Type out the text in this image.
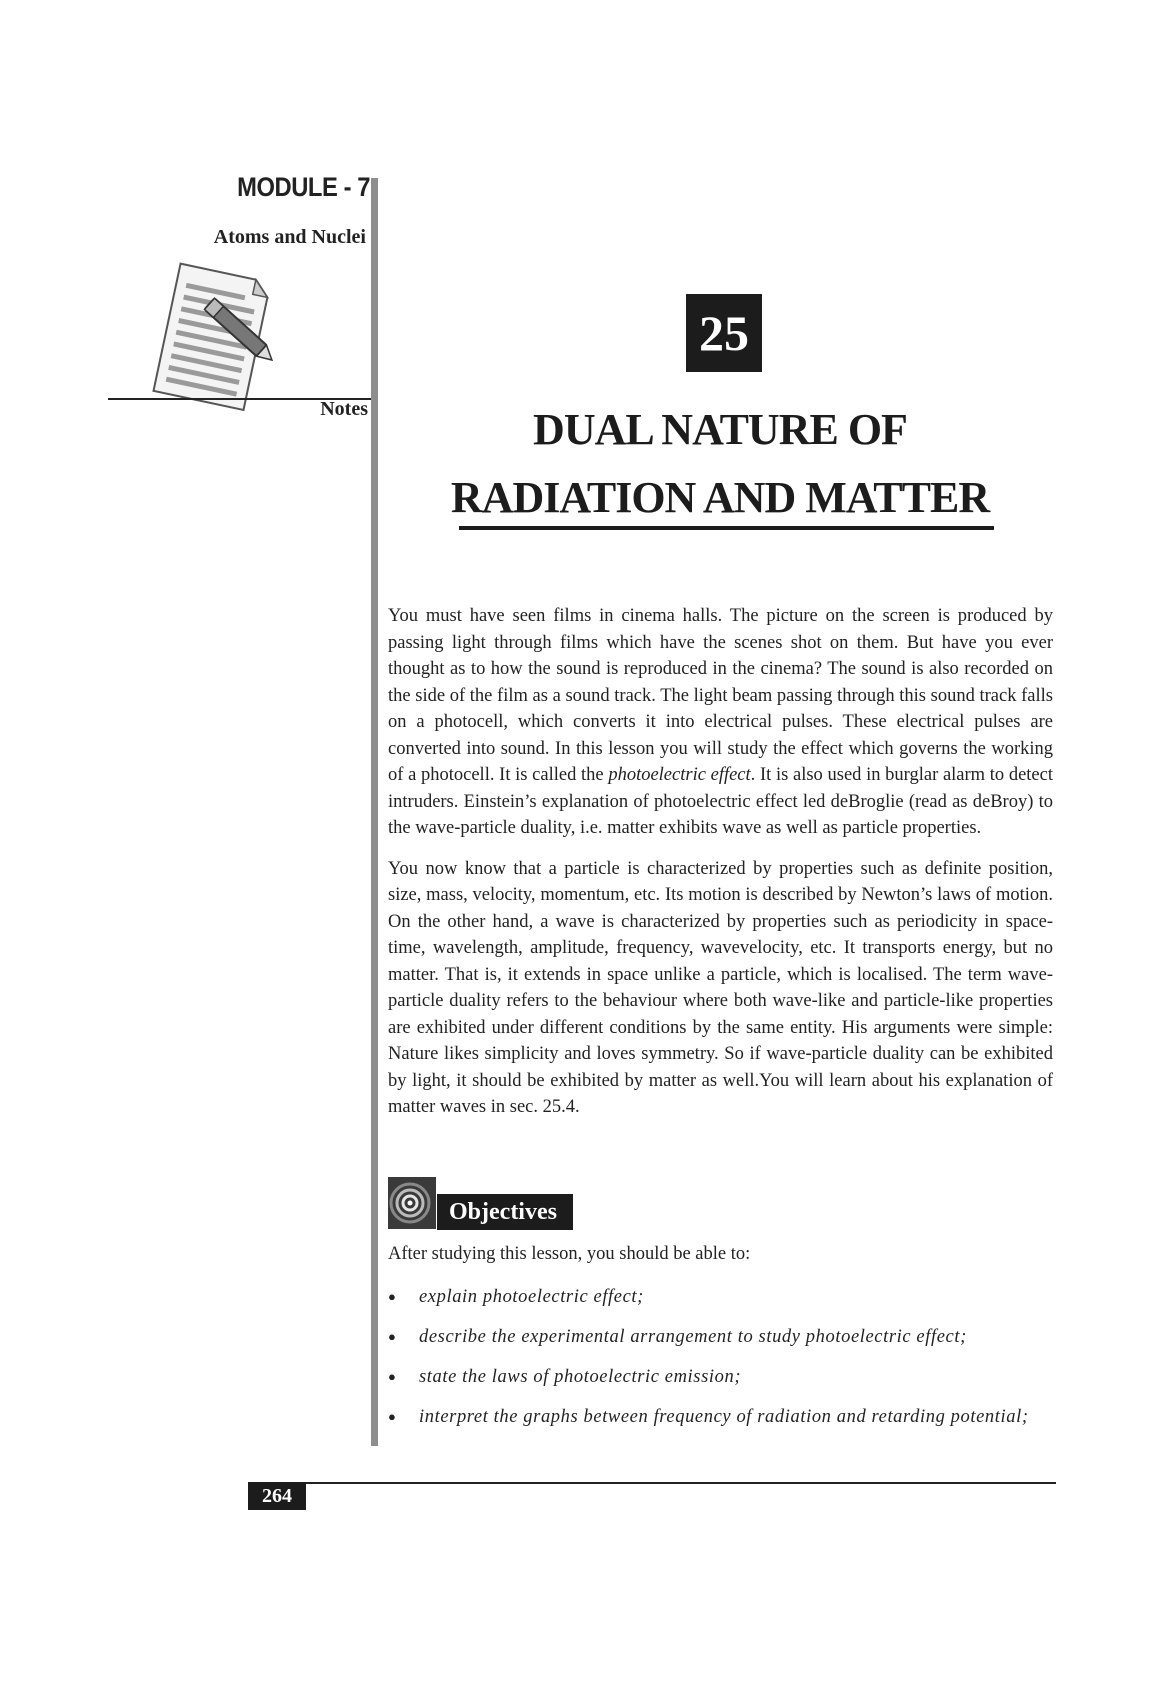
MODULE - 7
Atoms and Nuclei
Notes
25
DUAL NATURE OF
RADIATION AND MATTER

You must have seen films in cinema halls. The picture on the screen is produced by passing light through films which have the scenes shot on them. But have you ever thought as to how the sound is reproduced in the cinema? The sound is also recorded on the side of the film as a sound track. The light beam passing through this sound track falls on a photocell, which converts it into electrical pulses. These electrical pulses are converted into sound. In this lesson you will study the effect which governs the working of a photocell. It is called the photoelectric effect. It is also used in burglar alarm to detect intruders. Einstein’s explanation of photoelectric effect led deBroglie (read as deBroy) to the wave-particle duality, i.e. matter exhibits wave as well as particle properties.

You now know that a particle is characterized by properties such as definite position, size, mass, velocity, momentum, etc. Its motion is described by Newton’s laws of motion. On the other hand, a wave is characterized by properties such as periodicity in space-time, wavelength, amplitude, frequency, wavevelocity, etc. It transports energy, but no matter. That is, it extends in space unlike a particle, which is localised. The term wave-particle duality refers to the behaviour where both wave-like and particle-like properties are exhibited under different conditions by the same entity. His arguments were simple: Nature likes simplicity and loves symmetry. So if wave-particle duality can be exhibited by light, it should be exhibited by matter as well.You will learn about his explanation of matter waves in sec. 25.4.

Objectives
After studying this lesson, you should be able to:
● explain photoelectric effect;
● describe the experimental arrangement to study photoelectric effect;
● state the laws of photoelectric emission;
● interpret the graphs between frequency of radiation and retarding potential;
264
